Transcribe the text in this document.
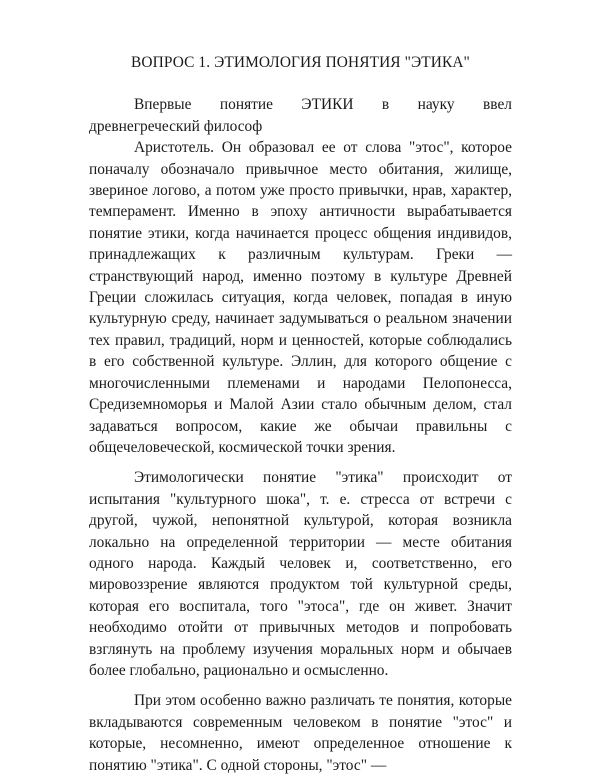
ВОПРОС 1. ЭТИМОЛОГИЯ ПОНЯТИЯ "ЭТИКА"
Впервые понятие ЭТИКИ в науку ввел
древнегреческий философ

Аристотель. Он образовал ее от слова "этос", которое поначалу обозначало привычное место обитания, жилище, звериное логово, а потом уже просто привычки, нрав, характер, темперамент. Именно в эпоху античности вырабатывается понятие этики, когда начинается процесс общения индивидов, принадлежащих к различным культурам. Греки — странствующий народ, именно поэтому в культуре Древней Греции сложилась ситуация, когда человек, попадая в иную культурную среду, начинает задумываться о реальном значении тех правил, традиций, норм и ценностей, которые соблюдались в его собственной культуре. Эллин, для которого общение с многочисленными племенами и народами Пелопонесса, Средиземноморья и Малой Азии стало обычным делом, стал задаваться вопросом, какие же обычаи правильны с общечеловеческой, космической точки зрения.

Этимологически понятие "этика" происходит от испытания "культурного шока", т. е. стресса от встречи с другой, чужой, непонятной культурой, которая возникла локально на определенной территории — месте обитания одного народа. Каждый человек и, соответственно, его мировоззрение являются продуктом той культурной среды, которая его воспитала, того "этоса", где он живет. Значит необходимо отойти от привычных методов и попробовать взглянуть на проблему изучения моральных норм и обычаев более глобально, рационально и осмысленно.

При этом особенно важно различать те понятия, которые вкладываются современным человеком в понятие "этос" и которые, несомненно, имеют определенное отношение к понятию "этика". С одной стороны, "этос" —
